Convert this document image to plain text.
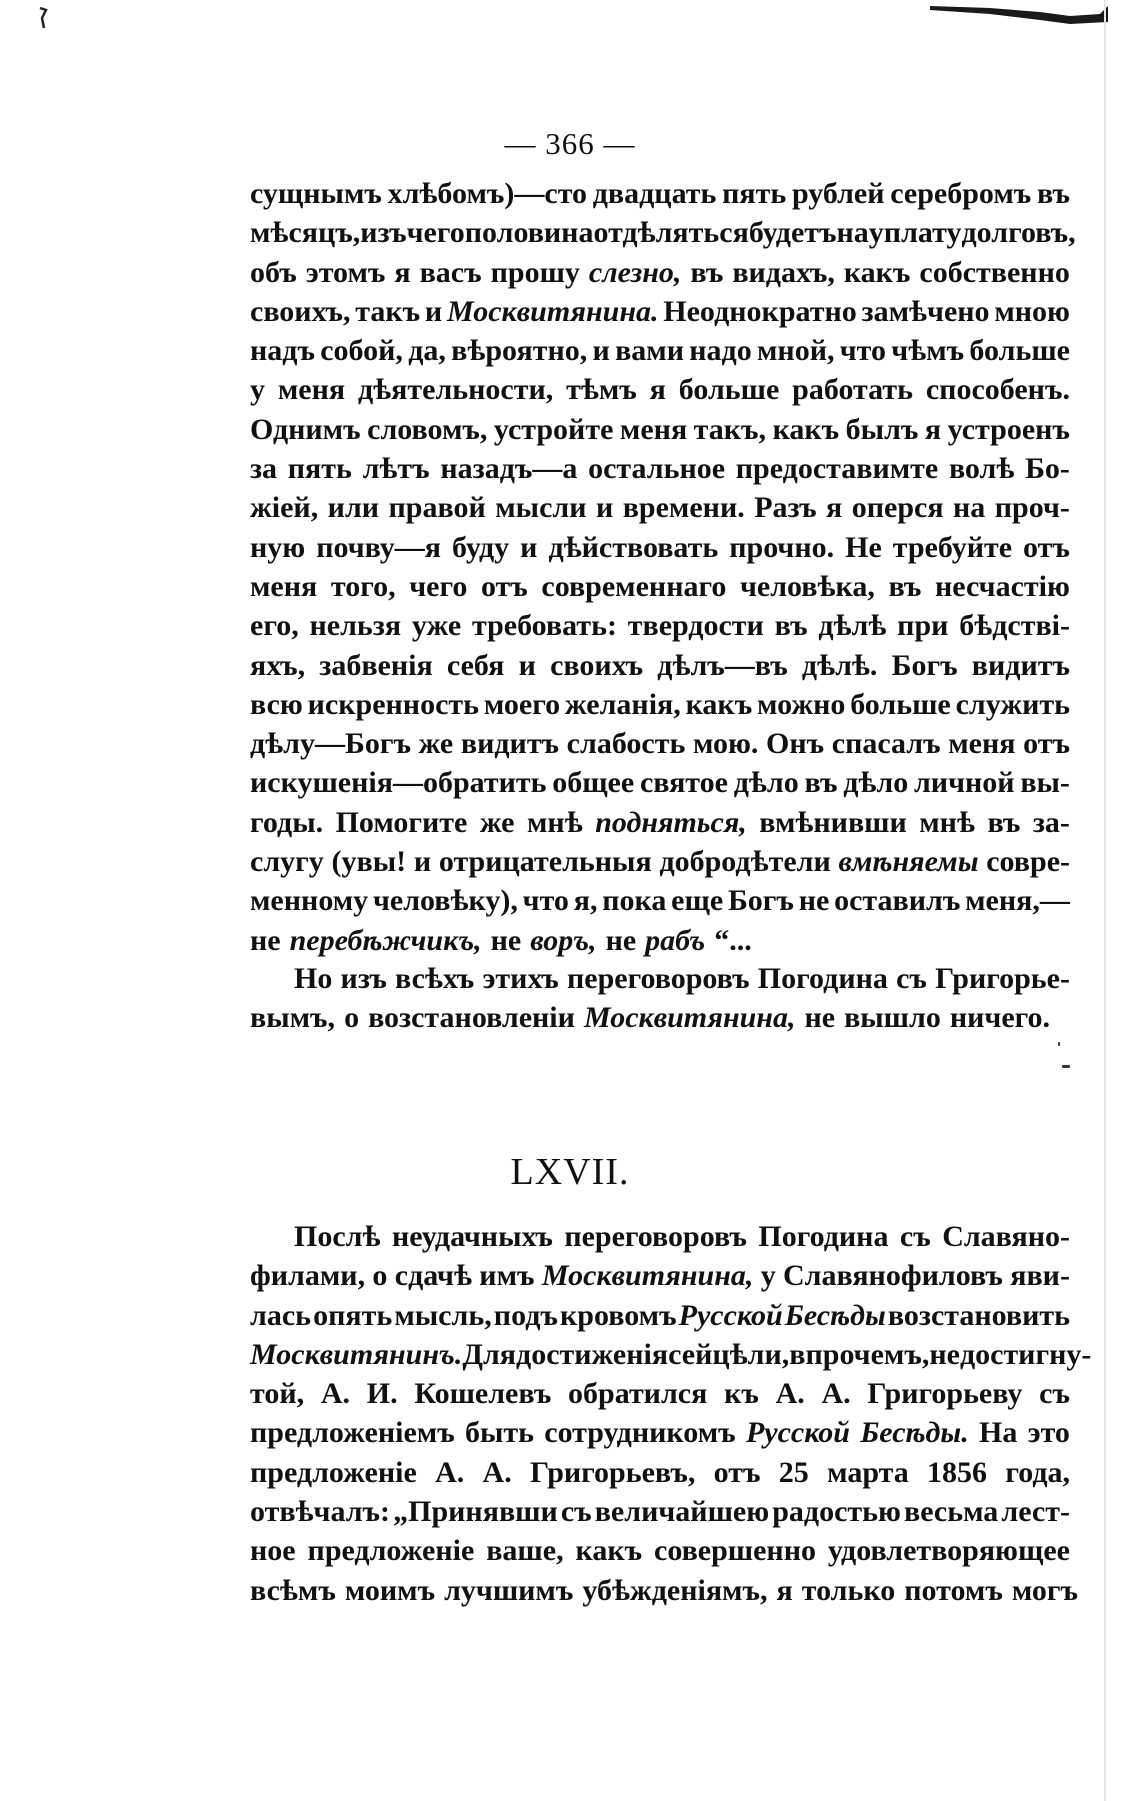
— 366 —
сущнымъ хлѣбомъ)—сто двадцать пять рублей серебромъ въ
мѣсяцъ, изъ чего половина отдѣляться будетъ на уплату долговъ,
объ этомъ я васъ прошу слезно, въ видахъ, какъ собственно
своихъ, такъ и Москвитянина. Неоднократно замѣчено мною
надъ собой, да, вѣроятно, и вами надо мной, что чѣмъ больше
у меня дѣятельности, тѣмъ я больше работать способенъ.
Однимъ словомъ, устройте меня такъ, какъ былъ я устроенъ
за пять лѣтъ назадъ—а остальное предоставимте волѣ Бо-
жіей, или правой мысли и времени. Разъ я оперся на проч-
ную почву—я буду и дѣйствовать прочно. Не требуйте отъ
меня того, чего отъ современнаго человѣка, въ несчастію
его, нельзя уже требовать: твердости въ дѣлѣ при бѣдстві-
яхъ, забвенія себя и своихъ дѣлъ—въ дѣлѣ. Богъ видитъ
всю искренность моего желанія, какъ можно больше служить
дѣлу—Богъ же видитъ слабость мою. Онъ спасалъ меня отъ
искушенія—обратить общее святое дѣло въ дѣло личной вы-
годы. Помогите же мнѣ подняться, вмѣнивши мнѣ въ за-
слугу (увы! и отрицательныя добродѣтели вмѣняемы совре-
менному человѣку), что я, пока еще Богъ не оставилъ меня,—
не перебѣжчикъ, не воръ, не рабъ “...
Но изъ всѣхъ этихъ переговоровъ Погодина съ Григорье-
вымъ, о возстановленіи Москвитянина, не вышло ничего.
LXVII.
Послѣ неудачныхъ переговоровъ Погодина съ Славяно-
филами, о сдачѣ имъ Москвитянина, у Славянофиловъ яви-
лась опять мысль, подъ кровомъ Русской Бесѣды возстановить
Москвитянинъ. Для достиженія сей цѣли, впрочемъ, не достигну-
той, А. И. Кошелевъ обратился къ А. А. Григорьеву съ
предложеніемъ быть сотрудникомъ Русской Бесѣды. На это
предложеніе А. А. Григорьевъ, отъ 25 марта 1856 года,
отвѣчалъ: „Принявши съ величайшею радостью весьма лест-
ное предложеніе ваше, какъ совершенно удовлетворяющее
всѣмъ моимъ лучшимъ убѣжденіямъ, я только потомъ могъ
